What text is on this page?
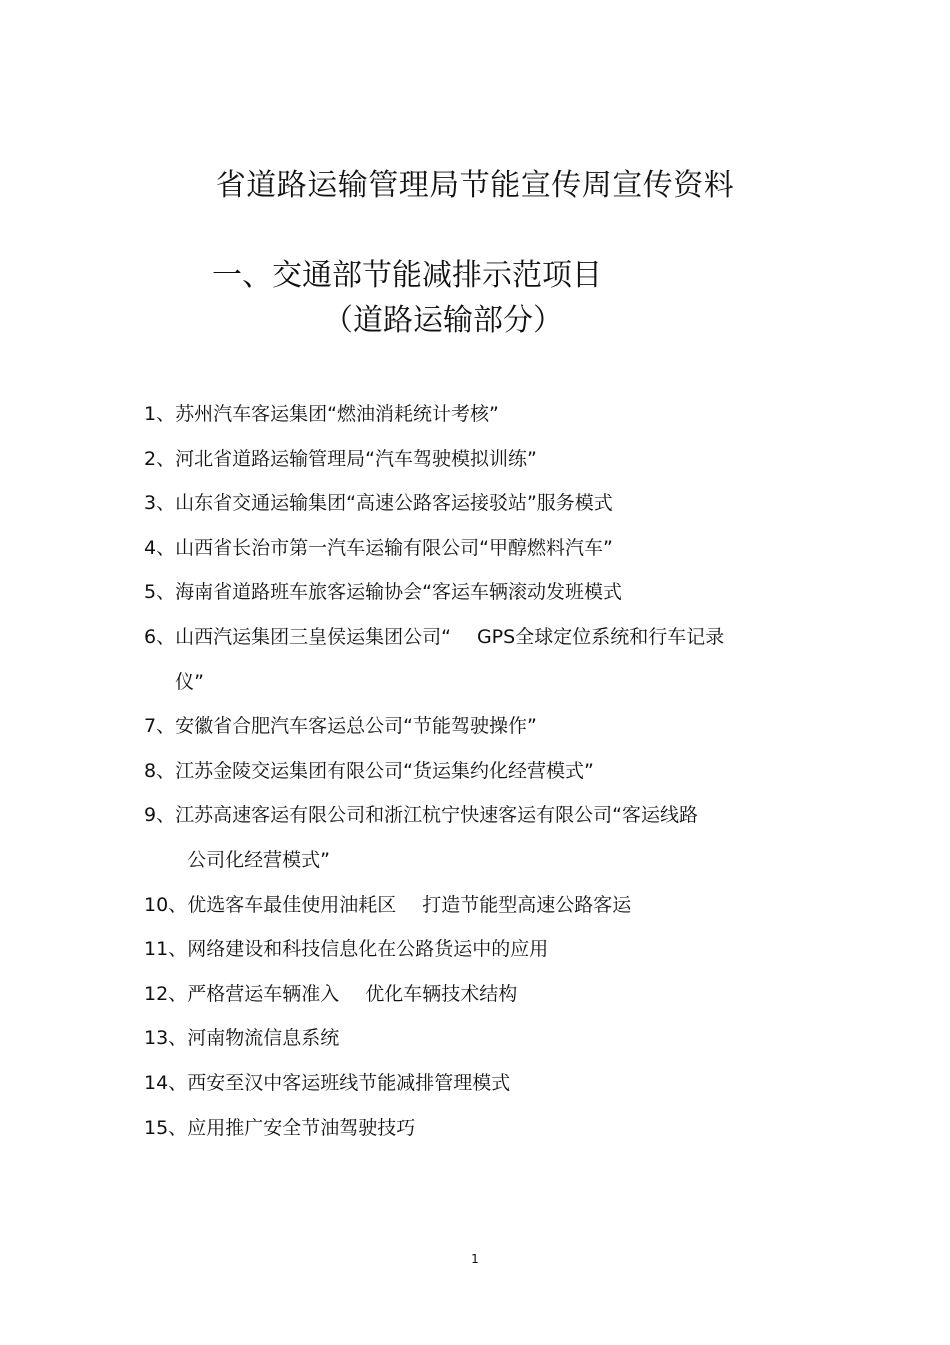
省道路运输管理局节能宣传周宣传资料
一、交通部节能减排示范项目
（道路运输部分）
1、 苏州汽车客运集团“燃油消耗统计考核”
2、 河北省道路运输管理局“汽车驾驶模拟训练”
3、 山东省交通运输集团“高速公路客运接驳站”服务模式
4、 山西省长治市第一汽车运输有限公司“甲醇燃料汽车”
5、 海南省道路班车旅客运输协会“客运车辆滚动发班模式
6、 山西汽运集团三皇侯运集团公司“ GPS全球定位系统和行车记录
仪”
7、 安徽省合肥汽车客运总公司“节能驾驶操作”
8、 江苏金陵交运集团有限公司“货运集约化经营模式”
9、 江苏高速客运有限公司和浙江杭宁快速客运有限公司“客运线路
公司化经营模式”
10、 优选客车最佳使用油耗区 打造节能型高速公路客运
11、 网络建设和科技信息化在公路货运中的应用
12、 严格营运车辆准入 优化车辆技术结构
13、 河南物流信息系统
14、 西安至汉中客运班线节能减排管理模式
15、 应用推广安全节油驾驶技巧
1
